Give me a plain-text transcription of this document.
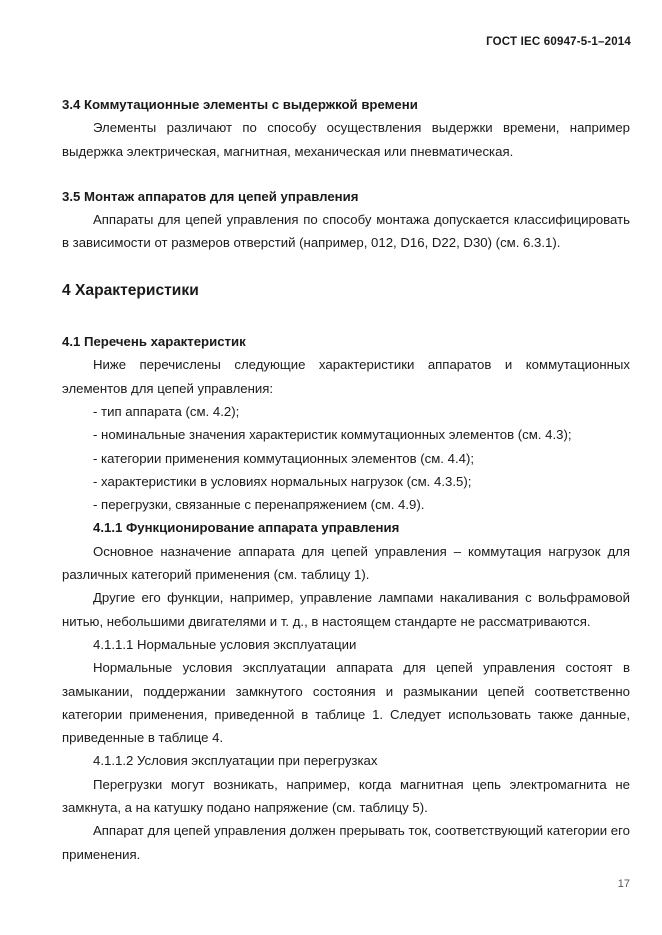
ГОСТ IEC 60947-5-1–2014

3.4 Коммутационные элементы с выдержкой времени

Элементы различают по способу осуществления выдержки времени, например выдержка электрическая, магнитная, механическая или пневматическая.

3.5 Монтаж аппаратов для цепей управления

Аппараты для цепей управления по способу монтажа допускается классифицировать в зависимости от размеров отверстий (например, 012, D16, D22, D30) (см. 6.3.1).

4 Характеристики

4.1 Перечень характеристик

Ниже перечислены следующие характеристики аппаратов и коммутационных элементов для цепей управления:

- тип аппарата (см. 4.2);

- номинальные значения характеристик коммутационных элементов (см. 4.3);

- категории применения коммутационных элементов (см. 4.4);

- характеристики в условиях нормальных нагрузок (см. 4.3.5);

- перегрузки, связанные с перенапряжением (см. 4.9).

4.1.1 Функционирование аппарата управления

Основное назначение аппарата для цепей управления – коммутация нагрузок для различных категорий применения (см. таблицу 1).

Другие его функции, например, управление лампами накаливания с вольфрамовой нитью, небольшими двигателями и т. д., в настоящем стандарте не рассматриваются.

4.1.1.1 Нормальные условия эксплуатации

Нормальные условия эксплуатации аппарата для цепей управления состоят в замыкании, поддержании замкнутого состояния и размыкании цепей соответственно категории применения, приведенной в таблице 1. Следует использовать также данные, приведенные в таблице 4.

4.1.1.2 Условия эксплуатации при перегрузках

Перегрузки могут возникать, например, когда магнитная цепь электромагнита не замкнута, а на катушку подано напряжение (см. таблицу 5).

Аппарат для цепей управления должен прерывать ток, соответствующий категории его применения.

17
